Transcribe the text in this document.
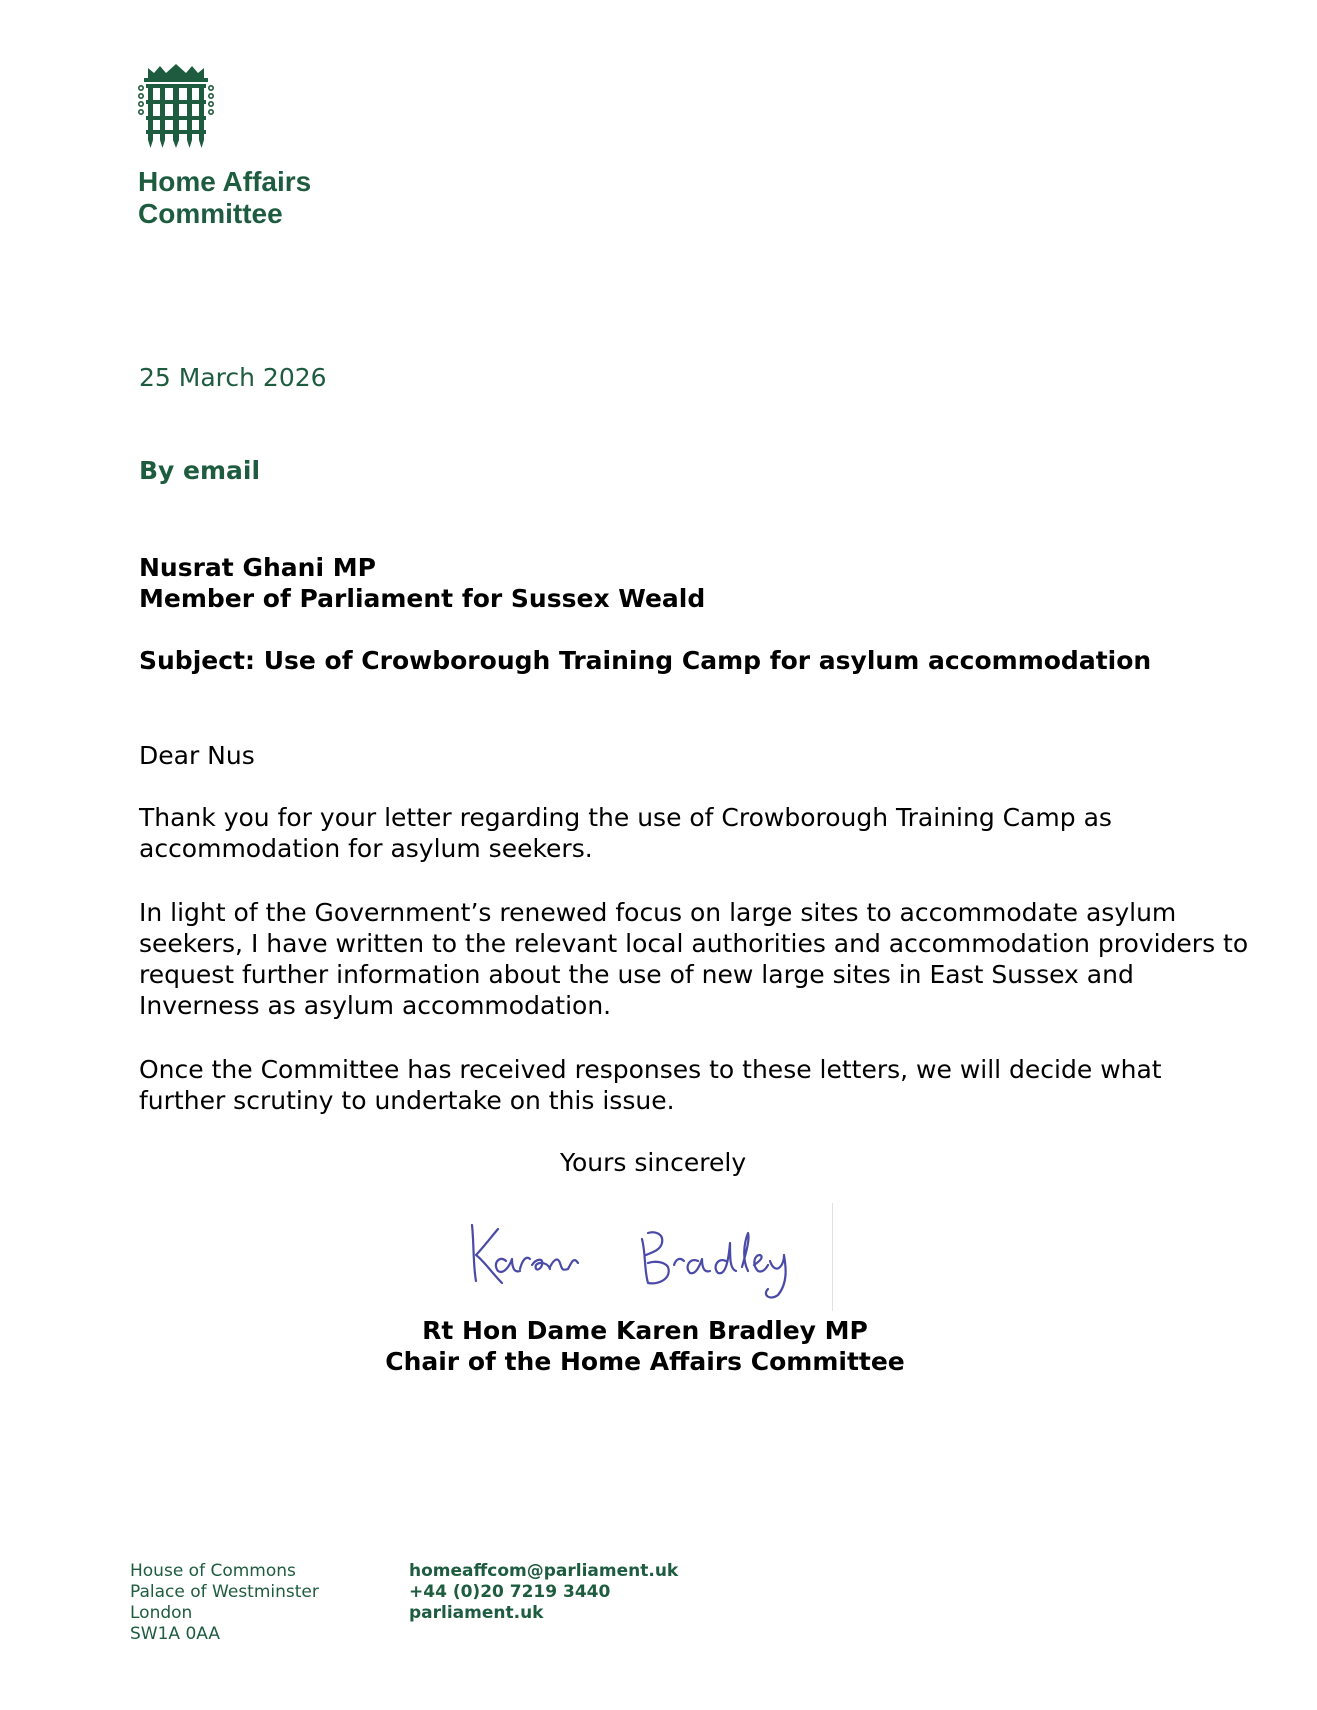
Home Affairs
Committee
25 March 2026
By email
Nusrat Ghani MP
Member of Parliament for Sussex Weald
Subject: Use of Crowborough Training Camp for asylum accommodation
Dear Nus
Thank you for your letter regarding the use of Crowborough Training Camp as
accommodation for asylum seekers.
In light of the Government’s renewed focus on large sites to accommodate asylum
seekers, I have written to the relevant local authorities and accommodation providers to
request further information about the use of new large sites in East Sussex and
Inverness as asylum accommodation.
Once the Committee has received responses to these letters, we will decide what
further scrutiny to undertake on this issue.
Yours sincerely
Rt Hon Dame Karen Bradley MP
Chair of the Home Affairs Committee
House of Commons
Palace of Westminster
London
SW1A 0AA
homeaffcom@parliament.uk
+44 (0)20 7219 3440
parliament.uk
